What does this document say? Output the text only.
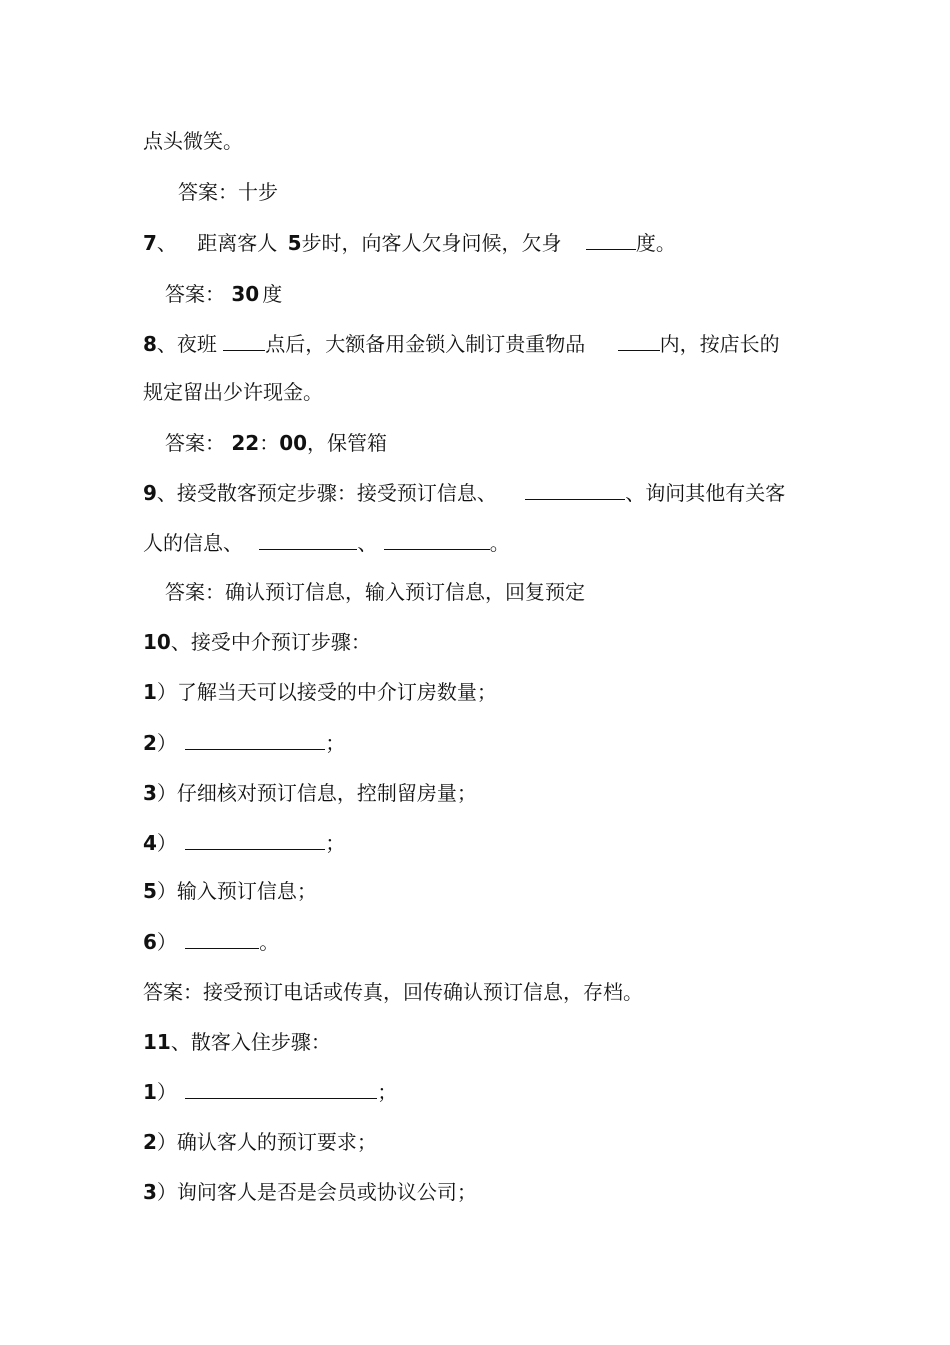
点头微笑。
答案：十步
7、 距离客人 5步时，向客人欠身问候，欠身	度。
答案： 30 度
8、夜班 点后，大额备用金锁入制订贵重物品	内，按店长的
规定留出少许现金。
答案： 22：00，保管箱
9、接受散客预定步骤：接受预订信息、	、询问其他有关客
人的信息、	、	。
答案：确认预订信息，输入预订信息，回复预定
10、接受中介预订步骤：
1）了解当天可以接受的中介订房数量；
2）	；
3）仔细核对预订信息，控制留房量；
4）	；
5）输入预订信息；
6）	。
答案：接受预订电话或传真，回传确认预订信息，存档。
11、散客入住步骤：
1）	；
2）确认客人的预订要求；
3）询问客人是否是会员或协议公司；
